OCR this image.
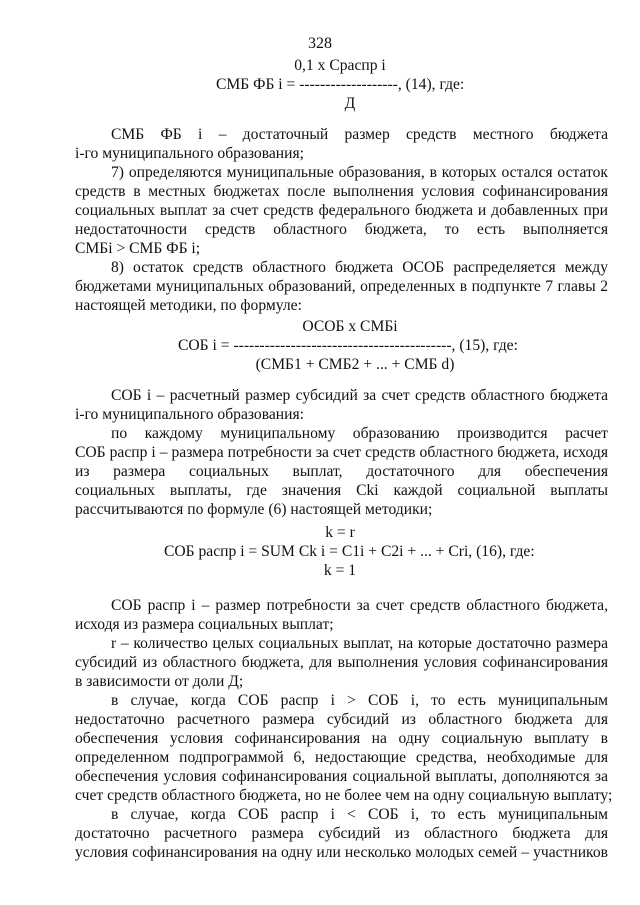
328
0,1 х Сраспр i
СМБ ФБ i = -------------------, (14), где:
Д
СМБ ФБ i – достаточный размер средств местного бюджета
i-го муниципального образования;
7) определяются муниципальные образования, в которых остался остаток
средств в местных бюджетах после выполнения условия софинансирования
социальных выплат за счет средств федерального бюджета и добавленных при
недостаточности средств областного бюджета, то есть выполняется
СМБi > СМБ ФБ i;
8) остаток средств областного бюджета ОСОБ распределяется между
бюджетами муниципальных образований, определенных в подпункте 7 главы 2
настоящей методики, по формуле:
ОСОБ х СМБi
СОБ i = ------------------------------------------, (15), где:
(СМБ1 + СМБ2 + ... + СМБ d)
СОБ i – расчетный размер субсидий за счет средств областного бюджета
i-го муниципального образования:
по каждому муниципальному образованию производится расчет
СОБ распр i – размера потребности за счет средств областного бюджета, исходя
из размера социальных выплат, достаточного для обеспечения
социальных выплаты, где значения Cki каждой социальной выплаты
рассчитываются по формуле (6) настоящей методики;
k = r
СОБ распр i = SUM Ck i = C1i + C2i + ... + Cri, (16), где:
k = 1
СОБ распр i – размер потребности за счет средств областного бюджета,
исходя из размера социальных выплат;
r – количество целых социальных выплат, на которые достаточно размера
субсидий из областного бюджета, для выполнения условия софинансирования
в зависимости от доли Д;
в случае, когда СОБ распр i > СОБ i, то есть муниципальным
недостаточно расчетного размера субсидий из областного бюджета для
обеспечения условия софинансирования на одну социальную выплату в
определенном подпрограммой 6, недостающие средства, необходимые для
обеспечения условия софинансирования социальной выплаты, дополняются за
счет средств областного бюджета, но не более чем на одну социальную выплату;
в случае, когда СОБ распр i < СОБ i, то есть муниципальным
достаточно расчетного размера субсидий из областного бюджета для
условия софинансирования на одну или несколько молодых семей – участников
